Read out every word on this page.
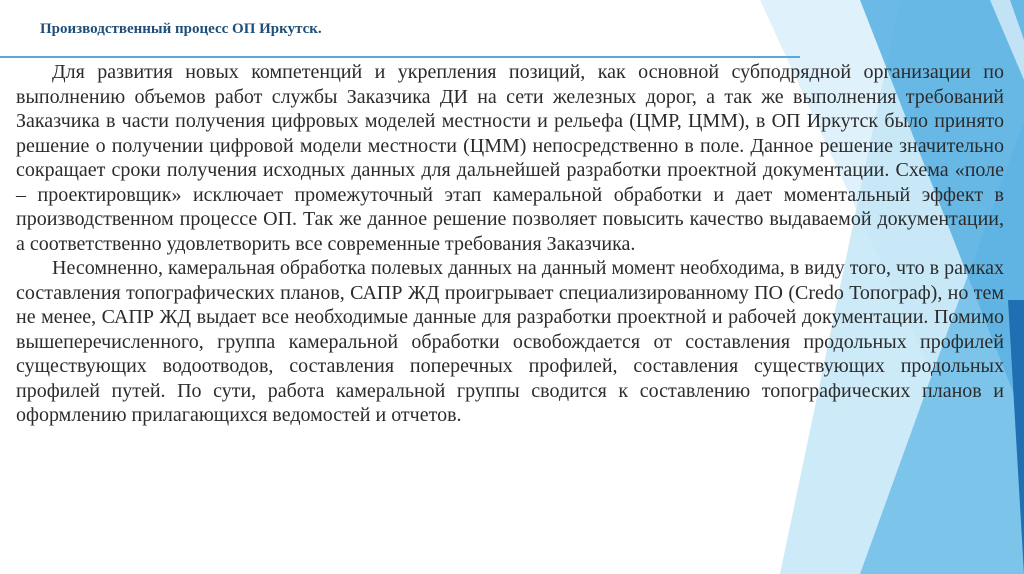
Производственный процесс ОП Иркутск.

Для развития новых компетенций и укрепления позиций, как основной субподрядной организации по выполнению объемов работ службы Заказчика ДИ на сети железных дорог, а так же выполнения требований Заказчика в части получения цифровых моделей местности и рельефа (ЦМР, ЦММ), в ОП Иркутск было принято решение о получении цифровой модели местности (ЦММ) непосредственно в поле. Данное решение значительно сокращает сроки получения исходных данных для дальнейшей разработки проектной документации. Схема «поле – проектировщик» исключает промежуточный этап камеральной обработки и дает моментальный эффект в производственном процессе ОП. Так же данное решение позволяет повысить качество выдаваемой документации, а соответственно удовлетворить все современные требования Заказчика.

Несомненно, камеральная обработка полевых данных на данный момент необходима, в виду того, что в рамках составления топографических планов, САПР ЖД проигрывает специализированному ПО (Credo Топограф), но тем не менее, САПР ЖД выдает все необходимые данные для разработки проектной и рабочей документации. Помимо вышеперечисленного, группа камеральной обработки освобождается от составления продольных профилей существующих водоотводов, составления поперечных профилей, составления существующих продольных профилей путей. По сути, работа камеральной группы сводится к составлению топографических планов и оформлению прилагающихся ведомостей и отчетов.
